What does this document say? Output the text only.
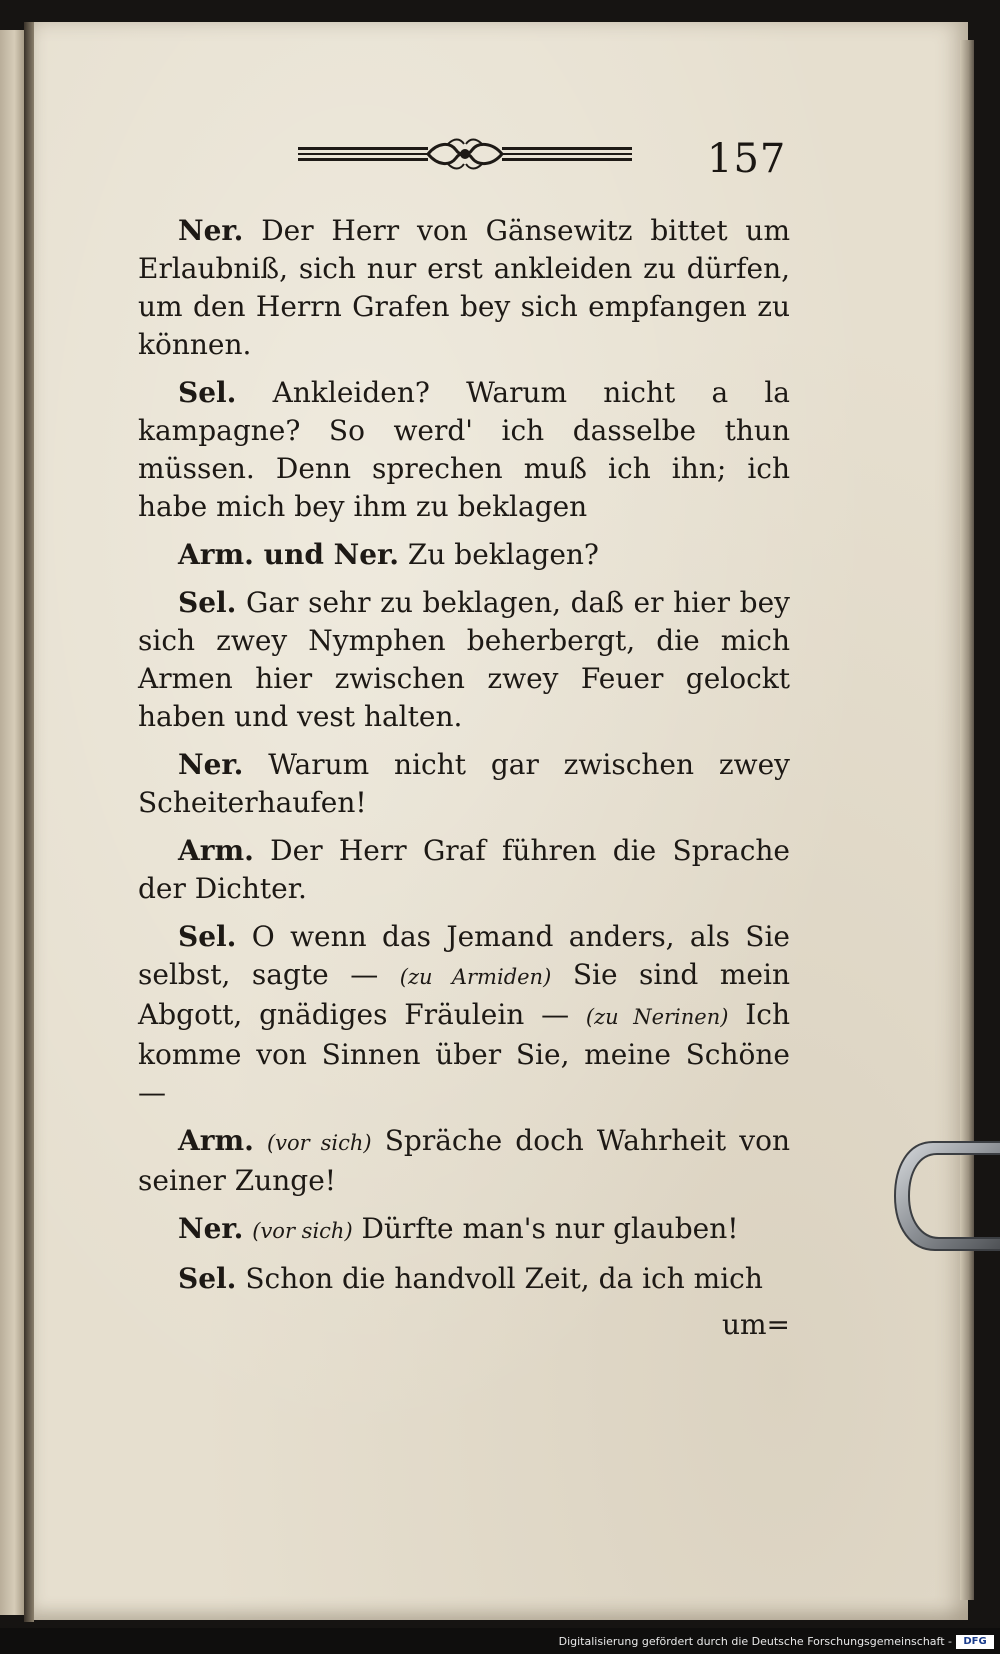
157
Ner. Der Herr von Gänsewitz bittet um Erlaubniß, sich nur erst ankleiden zu dürfen, um den Herrn Grafen bey sich empfangen zu können.
Sel. Ankleiden? Warum nicht a la kampagne? So werd' ich dasselbe thun müssen. Denn sprechen muß ich ihn; ich habe mich bey ihm zu beklagen
Arm. und Ner. Zu beklagen?
Sel. Gar sehr zu beklagen, daß er hier bey sich zwey Nymphen beherbergt, die mich Armen hier zwischen zwey Feuer gelockt haben und vest halten.
Ner. Warum nicht gar zwischen zwey Scheiterhaufen!
Arm. Der Herr Graf führen die Sprache der Dichter.
Sel. O wenn das Jemand anders, als Sie selbst, sagte — (zu Armiden) Sie sind mein Abgott, gnädiges Fräulein — (zu Nerinen) Ich komme von Sinnen über Sie, meine Schöne —
Arm. (vor sich) Spräche doch Wahrheit von seiner Zunge!
Ner. (vor sich) Dürfte man's nur glauben!
Sel. Schon die handvoll Zeit, da ich mich
um=
Digitalisierung gefördert durch die Deutsche Forschungsgemeinschaft -	DFG
